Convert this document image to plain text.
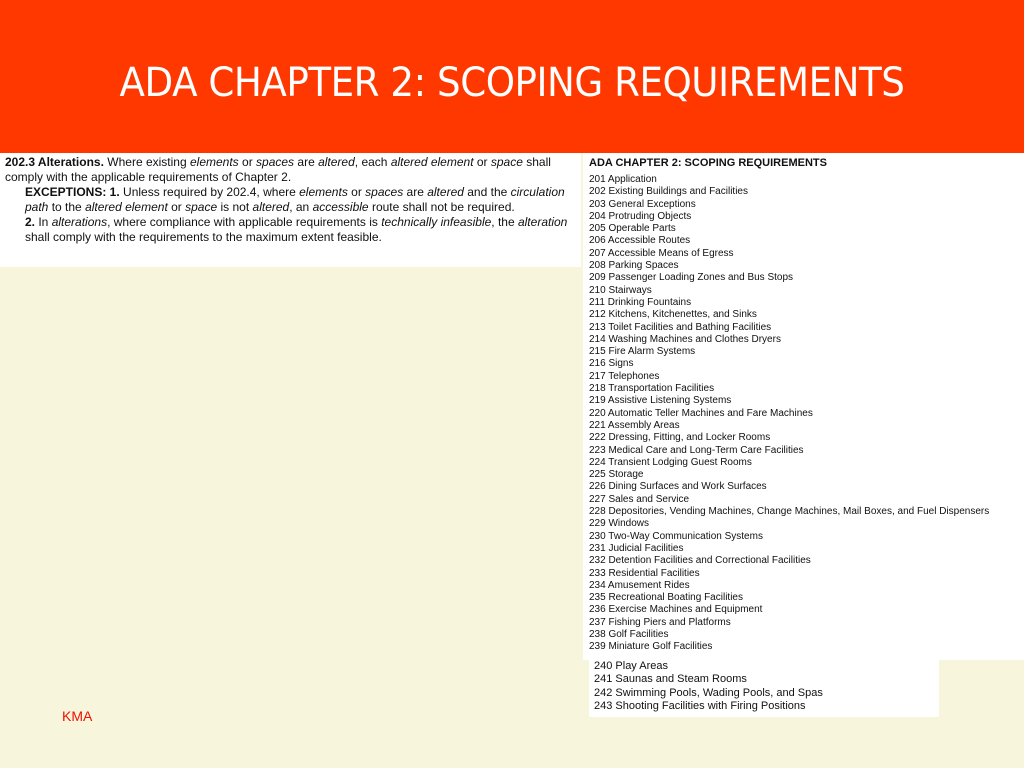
ADA CHAPTER 2: SCOPING REQUIREMENTS

202.3 Alterations. Where existing elements or spaces are altered, each altered element or space shall comply with the applicable requirements of Chapter 2.

EXCEPTIONS: 1. Unless required by 202.4, where elements or spaces are altered and the circulation path to the altered element or space is not altered, an accessible route shall not be required.

2. In alterations, where compliance with applicable requirements is technically infeasible, the alteration shall comply with the requirements to the maximum extent feasible.

ADA CHAPTER 2: SCOPING REQUIREMENTS
201 Application
202 Existing Buildings and Facilities
203 General Exceptions
204 Protruding Objects
205 Operable Parts
206 Accessible Routes
207 Accessible Means of Egress
208 Parking Spaces
209 Passenger Loading Zones and Bus Stops
210 Stairways
211 Drinking Fountains
212 Kitchens, Kitchenettes, and Sinks
213 Toilet Facilities and Bathing Facilities
214 Washing Machines and Clothes Dryers
215 Fire Alarm Systems
216 Signs
217 Telephones
218 Transportation Facilities
219 Assistive Listening Systems
220 Automatic Teller Machines and Fare Machines
221 Assembly Areas
222 Dressing, Fitting, and Locker Rooms
223 Medical Care and Long-Term Care Facilities
224 Transient Lodging Guest Rooms
225 Storage
226 Dining Surfaces and Work Surfaces
227 Sales and Service
228 Depositories, Vending Machines, Change Machines, Mail Boxes, and Fuel Dispensers
229 Windows
230 Two-Way Communication Systems
231 Judicial Facilities
232 Detention Facilities and Correctional Facilities
233 Residential Facilities
234 Amusement Rides
235 Recreational Boating Facilities
236 Exercise Machines and Equipment
237 Fishing Piers and Platforms
238 Golf Facilities
239 Miniature Golf Facilities
240 Play Areas
241 Saunas and Steam Rooms
242 Swimming Pools, Wading Pools, and Spas
243 Shooting Facilities with Firing Positions
KMA
